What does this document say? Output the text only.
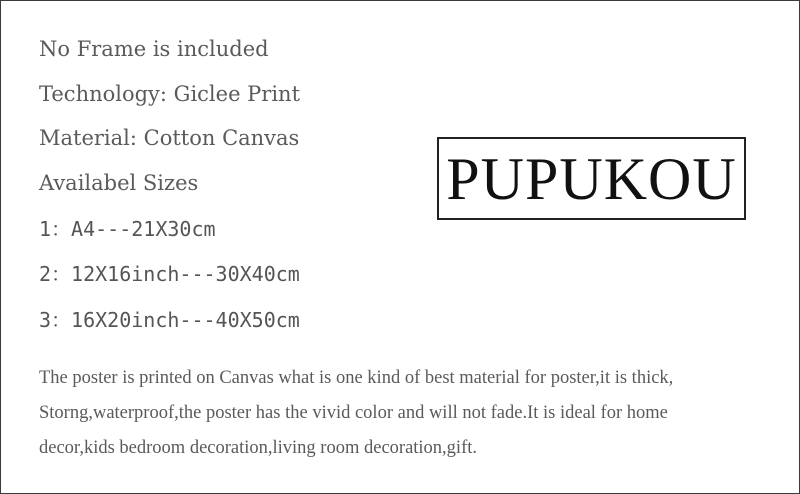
No Frame is included
Technology: Giclee Print
Material: Cotton Canvas
Availabel Sizes
1：A4---21X30cm
2：12X16inch---30X40cm
3：16X20inch---40X50cm
PUPUKOU
The poster is printed on Canvas what is one kind of best material for poster,it is thick,
Storng,waterproof,the poster has the vivid color and will not fade.It is ideal for home
decor,kids bedroom decoration,living room decoration,gift.
